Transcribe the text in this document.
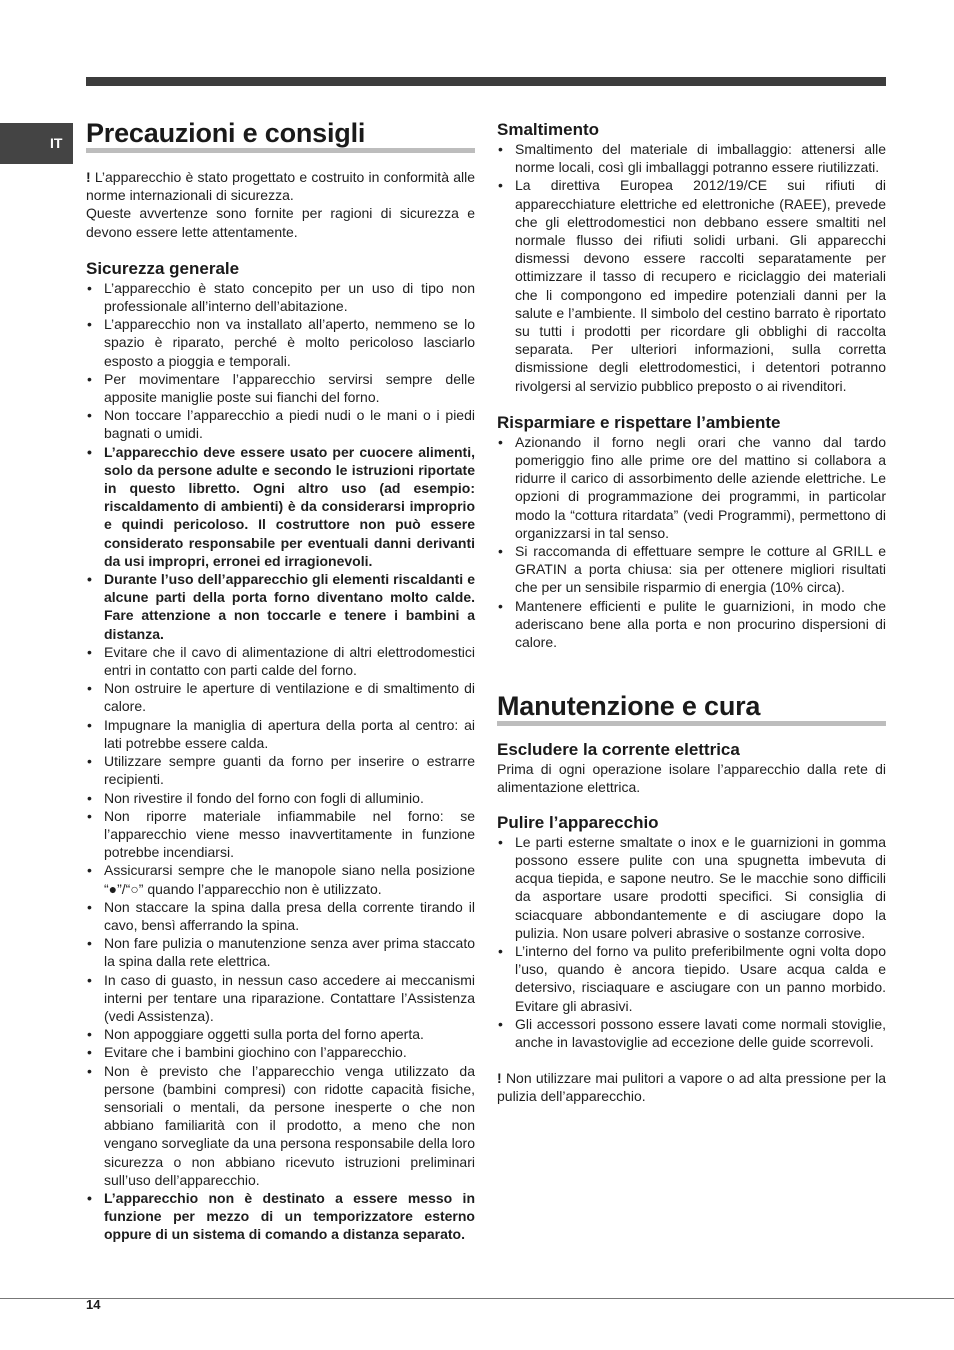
IT Precauzioni e consigli

! L’apparecchio è stato progettato e costruito in conformità alle norme internazionali di sicurezza.

Queste avvertenze sono fornite per ragioni di sicurezza e devono essere lette attentamente.

Sicurezza generale
• L’apparecchio è stato concepito per un uso di tipo non professionale all’interno dell’abitazione.
• L’apparecchio non va installato all’aperto, nemmeno se lo spazio è riparato, perché è molto pericoloso lasciarlo esposto a pioggia e temporali.
• Per movimentare l’apparecchio servirsi sempre delle apposite maniglie poste sui fianchi del forno.
• Non toccare l’apparecchio a piedi nudi o le mani o i piedi bagnati o umidi.
• L’apparecchio deve essere usato per cuocere alimenti, solo da persone adulte e secondo le istruzioni riportate in questo libretto. Ogni altro uso (ad esempio: riscaldamento di ambienti) è da considerarsi improprio e quindi pericoloso. Il costruttore non può essere considerato responsabile per eventuali danni derivanti da usi impropri, erronei ed irragionevoli.
• Durante l’uso dell’apparecchio gli elementi riscaldanti e alcune parti della porta forno diventano molto calde. Fare attenzione a non toccarle e tenere i bambini a distanza.
• Evitare che il cavo di alimentazione di altri elettrodomestici entri in contatto con parti calde del forno.
• Non ostruire le aperture di ventilazione e di smaltimento di calore.
• Impugnare la maniglia di apertura della porta al centro: ai lati potrebbe essere calda.
• Utilizzare sempre guanti da forno per inserire o estrarre recipienti.
• Non rivestire il fondo del forno con fogli di alluminio.
• Non riporre materiale infiammabile nel forno: se l’apparecchio viene messo inavvertitamente in funzione potrebbe incendiarsi.
• Assicurarsi sempre che le manopole siano nella posizione “●”/“○” quando l’apparecchio non è utilizzato.
• Non staccare la spina dalla presa della corrente tirando il cavo, bensì afferrando la spina.
• Non fare pulizia o manutenzione senza aver prima staccato la spina dalla rete elettrica.
• In caso di guasto, in nessun caso accedere ai meccanismi interni per tentare una riparazione. Contattare l’Assistenza (vedi Assistenza).
• Non appoggiare oggetti sulla porta del forno aperta.
• Evitare che i bambini giochino con l’apparecchio.
• Non è previsto che l’apparecchio venga utilizzato da persone (bambini compresi) con ridotte capacità fisiche, sensoriali o mentali, da persone inesperte o che non abbiano familiarità con il prodotto, a meno che non vengano sorvegliate da una persona responsabile della loro sicurezza o non abbiano ricevuto istruzioni preliminari sull’uso dell’apparecchio.
• L’apparecchio non è destinato a essere messo in funzione per mezzo di un temporizzatore esterno oppure di un sistema di comando a distanza separato.
Smaltimento
• Smaltimento del materiale di imballaggio: attenersi alle norme locali, così gli imballaggi potranno essere riutilizzati.
• La direttiva Europea 2012/19/CE sui rifiuti di apparecchiature elettriche ed elettroniche (RAEE), prevede che gli elettrodomestici non debbano essere smaltiti nel normale flusso dei rifiuti solidi urbani. Gli apparecchi dismessi devono essere raccolti separatamente per ottimizzare il tasso di recupero e riciclaggio dei materiali che li compongono ed impedire potenziali danni per la salute e l’ambiente. Il simbolo del cestino barrato è riportato su tutti i prodotti per ricordare gli obblighi di raccolta separata. Per ulteriori informazioni, sulla corretta dismissione degli elettrodomestici, i detentori potranno rivolgersi al servizio pubblico preposto o ai rivenditori.
Risparmiare e rispettare l’ambiente
• Azionando il forno negli orari che vanno dal tardo pomeriggio fino alle prime ore del mattino si collabora a ridurre il carico di assorbimento delle aziende elettriche. Le opzioni di programmazione dei programmi, in particolar modo la “cottura ritardata” (vedi Programmi), permettono di organizzarsi in tal senso.
• Si raccomanda di effettuare sempre le cotture al GRILL e GRATIN a porta chiusa: sia per ottenere migliori risultati che per un sensibile risparmio di energia (10% circa).
• Mantenere efficienti e pulite le guarnizioni, in modo che aderiscano bene alla porta e non procurino dispersioni di calore.
Manutenzione e cura
Escludere la corrente elettrica

Prima di ogni operazione isolare l’apparecchio dalla rete di alimentazione elettrica.

Pulire l’apparecchio
• Le parti esterne smaltate o inox e le guarnizioni in gomma possono essere pulite con una spugnetta imbevuta di acqua tiepida, e sapone neutro. Se le macchie sono difficili da asportare usare prodotti specifici. Si consiglia di sciacquare abbondantemente e di asciugare dopo la pulizia. Non usare polveri abrasive o sostanze corrosive.
• L’interno del forno va pulito preferibilmente ogni volta dopo l’uso, quando è ancora tiepido. Usare acqua calda e detersivo, risciaquare e asciugare con un panno morbido. Evitare gli abrasivi.
• Gli accessori possono essere lavati come normali stoviglie, anche in lavastoviglie ad eccezione delle guide scorrevoli.

! Non utilizzare mai pulitori a vapore o ad alta pressione per la pulizia dell’apparecchio.

14
